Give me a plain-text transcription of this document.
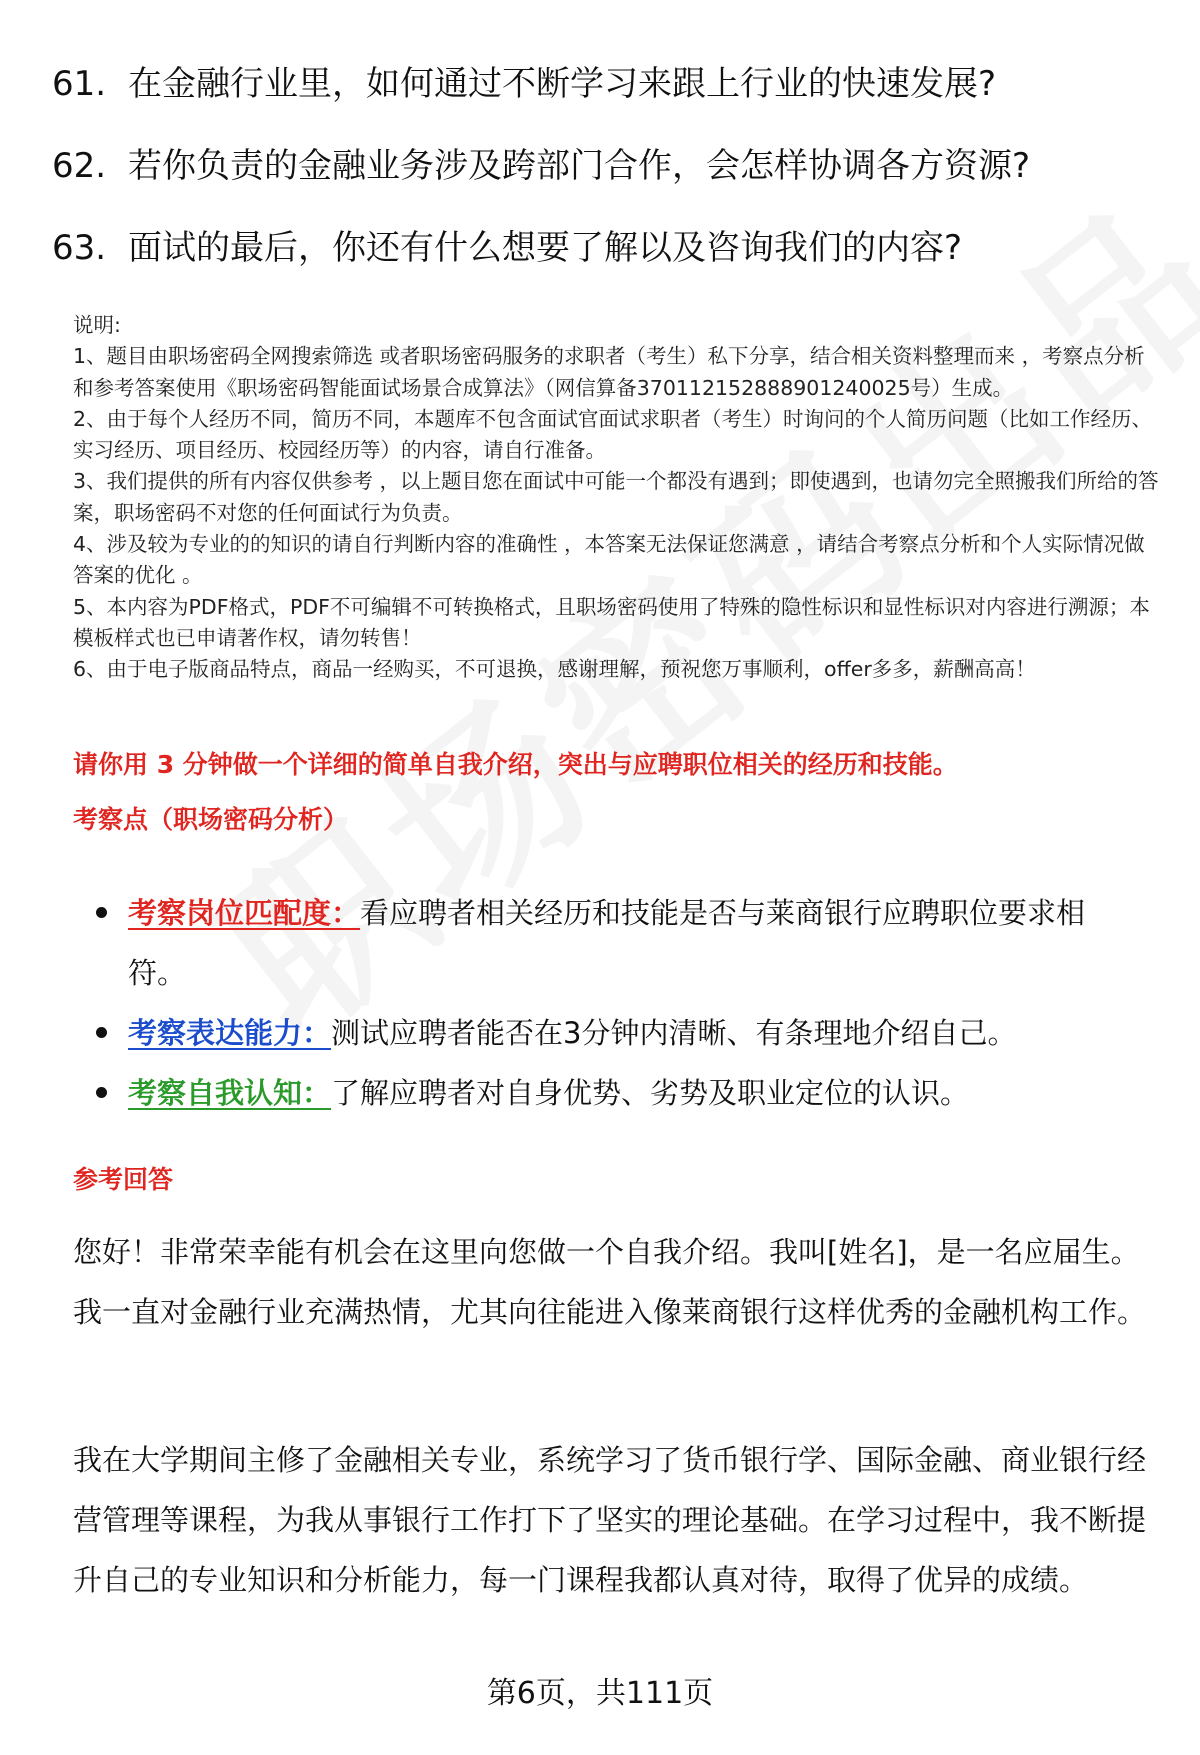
61. 在金融行业里，如何通过不断学习来跟上行业的快速发展?
62. 若你负责的金融业务涉及跨部门合作，会怎样协调各方资源?
63. 面试的最后，你还有什么想要了解以及咨询我们的内容?

说明:

1、题目由职场密码全网搜索筛选 或者职场密码服务的求职者（考生）私下分享，结合相关资料整理而来 ，考察点分析和参考答案使用《职场密码智能面试场景合成算法》（网信算备370112152888901240025号）生成。

2、由于每个人经历不同，简历不同，本题库不包含面试官面试求职者（考生）时询问的个人简历问题（比如工作经历、实习经历、项目经历、校园经历等）的内容，请自行准备。

3、我们提供的所有内容仅供参考 ，以上题目您在面试中可能一个都没有遇到；即使遇到，也请勿完全照搬我们所给的答案，职场密码不对您的任何面试行为负责。

4、涉及较为专业的的知识的请自行判断内容的准确性 ，本答案无法保证您满意 ，请结合考察点分析和个人实际情况做答案的优化 。

5、本内容为PDF格式，PDF不可编辑不可转换格式，且职场密码使用了特殊的隐性标识和显性标识对内容进行溯源；本模板样式也已申请著作权，请勿转售！

6、由于电子版商品特点，商品一经购买，不可退换，感谢理解，预祝您万事顺利，offer多多，薪酬高高！

请你用 3 分钟做一个详细的简单自我介绍，突出与应聘职位相关的经历和技能。
考察点（职场密码分析）
考察岗位匹配度：看应聘者相关经历和技能是否与莱商银行应聘职位要求相符。
考察表达能力：测试应聘者能否在3分钟内清晰、有条理地介绍自己。
考察自我认知：了解应聘者对自身优势、劣势及职业定位的认识。
参考回答

您好！非常荣幸能有机会在这里向您做一个自我介绍。我叫[姓名]，是一名应届生。我一直对金融行业充满热情，尤其向往能进入像莱商银行这样优秀的金融机构工作。

我在大学期间主修了金融相关专业，系统学习了货币银行学、国际金融、商业银行经营管理等课程，为我从事银行工作打下了坚实的理论基础。在学习过程中，我不断提升自己的专业知识和分析能力，每一门课程我都认真对待，取得了优异的成绩。

第6页，共111页
